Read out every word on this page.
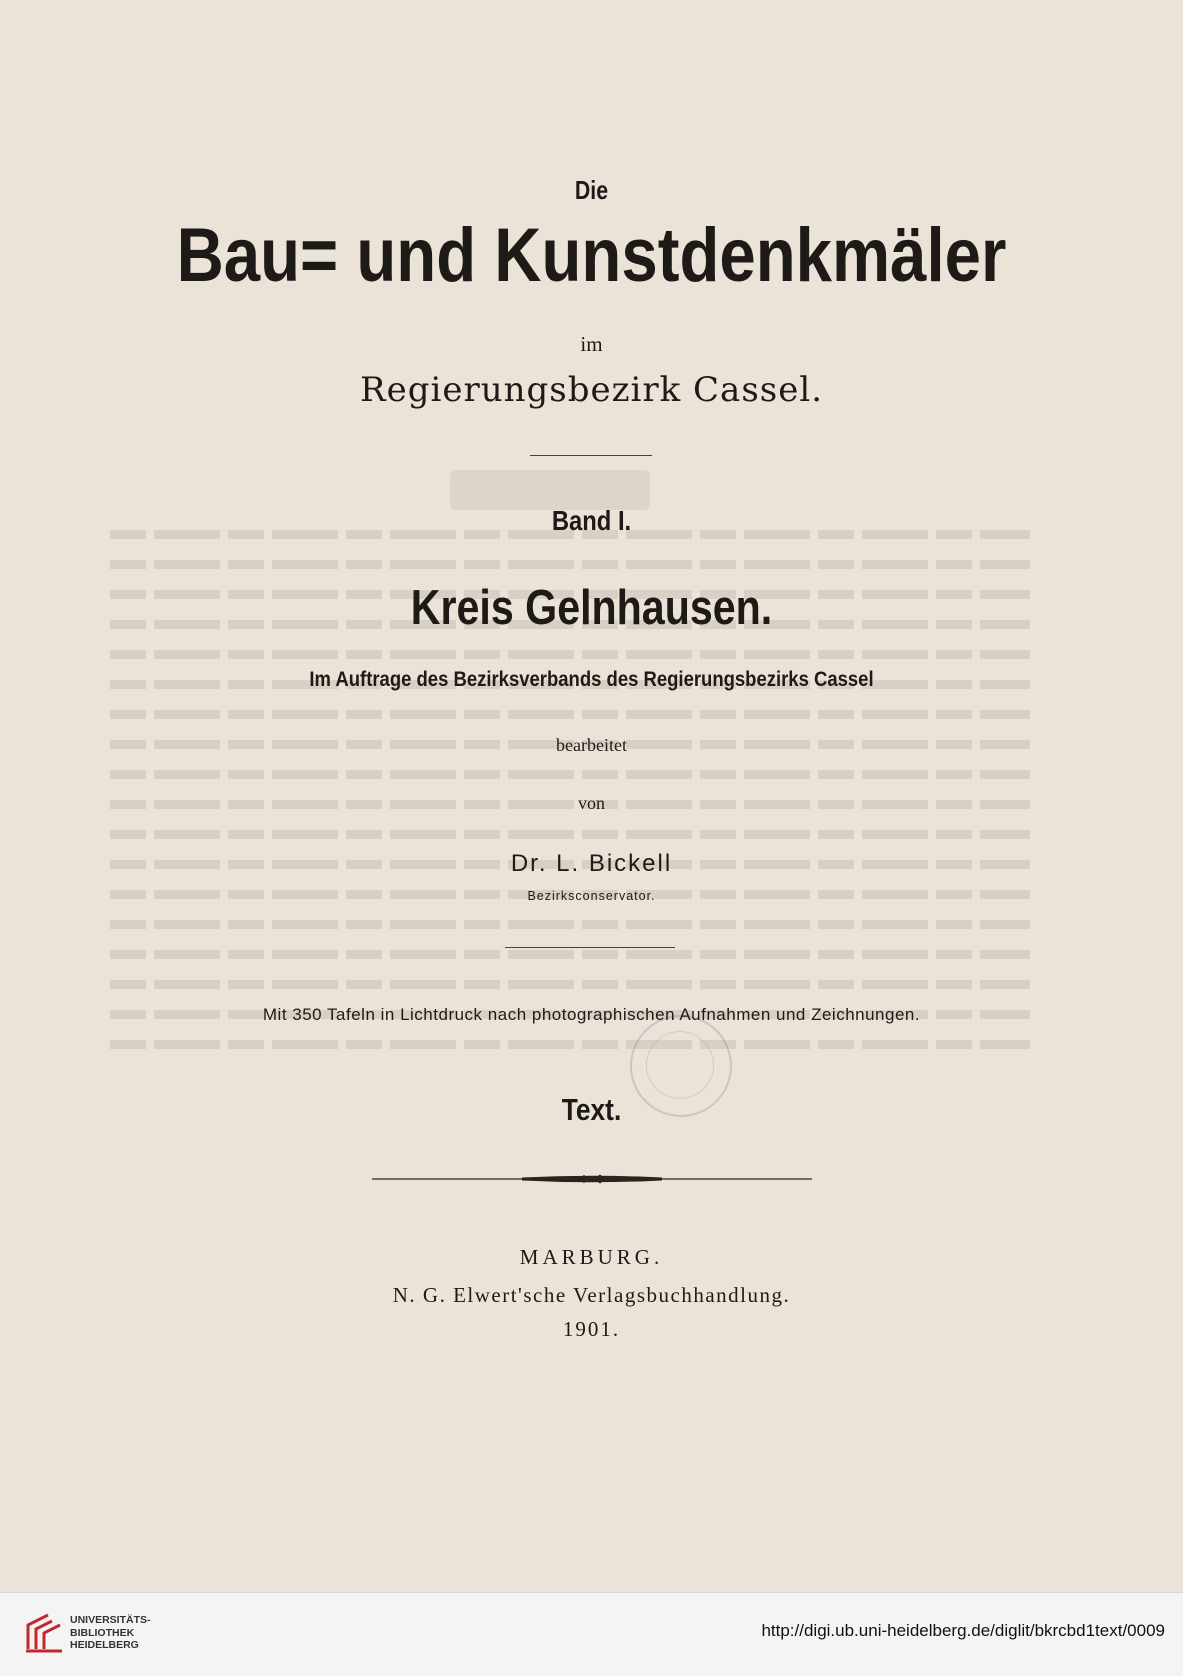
Die
Bau= und Kunstdenkmäler
im
Regierungsbezirk Cassel.
Band I.
Kreis Gelnhausen.
Im Auftrage des Bezirksverbands des Regierungsbezirks Cassel
bearbeitet
von
Dr. L. Bickell
Bezirksconservator.
Mit 350 Tafeln in Lichtdruck nach photographischen Aufnahmen und Zeichnungen.
Text.
MARBURG.
N. G. Elwert'sche Verlagsbuchhandlung.
1901.
UNIVERSITÄTS-
BIBLIOTHEK
HEIDELBERG
http://digi.ub.uni-heidelberg.de/diglit/bkrcbd1text/0009
